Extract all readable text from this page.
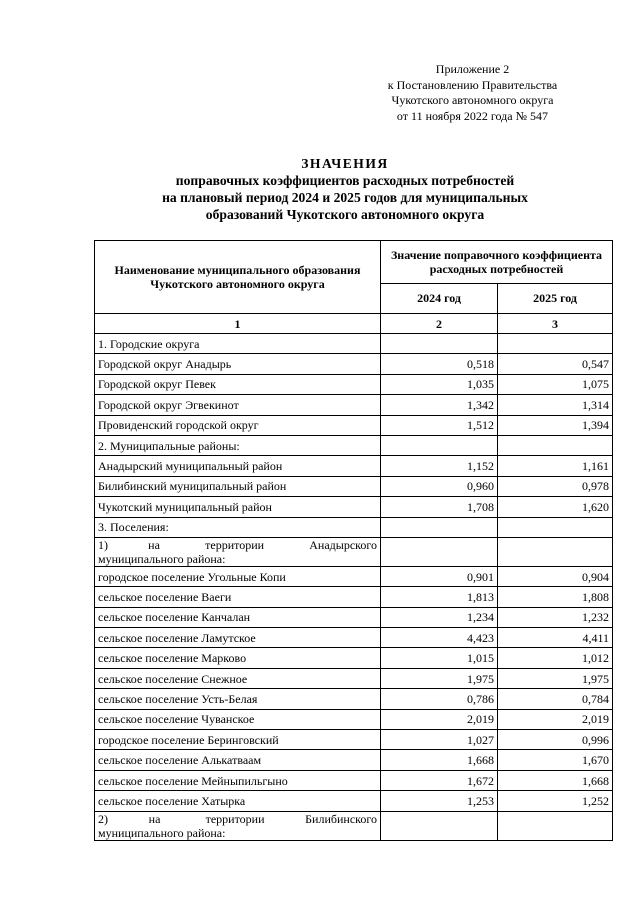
Приложение 2
к Постановлению Правительства
Чукотского автономного округа
от 11 ноября 2022 года № 547
ЗНАЧЕНИЯ
поправочных коэффициентов расходных потребностей
на плановый период 2024 и 2025 годов для муниципальных
образований Чукотского автономного округа
Наименование муниципального образования Чукотского автономного округа	Значение поправочного коэффициента расходных потребностей	
	2024 год	2025 год
1	2	3
1. Городские округа		
Городской округ Анадырь	0,518	0,547
Городской округ Певек	1,035	1,075
Городской округ Эгвекинот	1,342	1,314
Провиденский городской округ	1,512	1,394
2. Муниципальные районы:		
Анадырский муниципальный район	1,152	1,161
Билибинский муниципальный район	0,960	0,978
Чукотский муниципальный район	1,708	1,620
3. Поселения:		

1)        на         территории         Анадырского
муниципального района:		
городское поселение Угольные Копи	0,901	0,904
сельское поселение Ваеги	1,813	1,808
сельское поселение Канчалан	1,234	1,232
сельское поселение Ламутское	4,423	4,411
сельское поселение Марково	1,015	1,012
сельское поселение Снежное	1,975	1,975
сельское поселение Усть-Белая	0,786	0,784
сельское поселение Чуванское	2,019	2,019
городское поселение Беринговский	1,027	0,996
сельское поселение Алькатваам	1,668	1,670
сельское поселение Мейныпильгыно	1,672	1,668
сельское поселение Хатырка	1,253	1,252

2)         на          территории         Билибинского
муниципального района:		
